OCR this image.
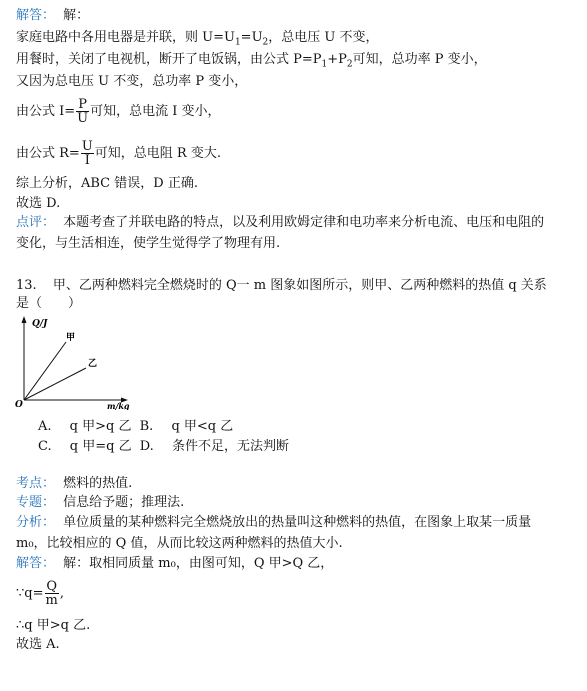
解答： 解：
家庭电路中各用电器是并联，则 $U=U_1=U_2$，总电压 U 不变，
用餐时，关闭了电视机，断开了电饭锅，由公式 $P=P_1+P_2$可知，总功率 P 变小，
又因为总电压 U 不变，总功率 P 变小，
由公式 $I= \frac{P}{U}$ 可知，总电流 I 变小，
由公式 $R= \frac{U}{I}$ 可知，总电阻 R 变大.
综上分析，ABC 错误，D 正确.
故选 D.
点评： 本题考查了并联电路的特点，以及利用欧姆定律和电功率来分析电流、电压和电阻的
变化，与生活相连，使学生觉得学了物理有用.
13. 甲、乙两种燃料完全燃烧时的 Q一 m 图象如图所示，则甲、乙两种燃料的热值 q 关系
是（　　）
Q/J
m/kg
O
甲
乙
A. q 甲>q 乙 B. q 甲<q 乙
C. q 甲=q 乙 D. 条件不足，无法判断
考点： 燃料的热值.
专题： 信息给予题；推理法.
分析： 单位质量的某种燃料完全燃烧放出的热量叫这种燃料的热值，在图象上取某一质量
m₀，比较相应的 Q 值，从而比较这两种燃料的热值大小.
解答： 解：取相同质量 m₀，由图可知，Q 甲>Q 乙，
∵q= $\frac{Q}{m}$ ,
∴q 甲>q 乙.
故选 A.
